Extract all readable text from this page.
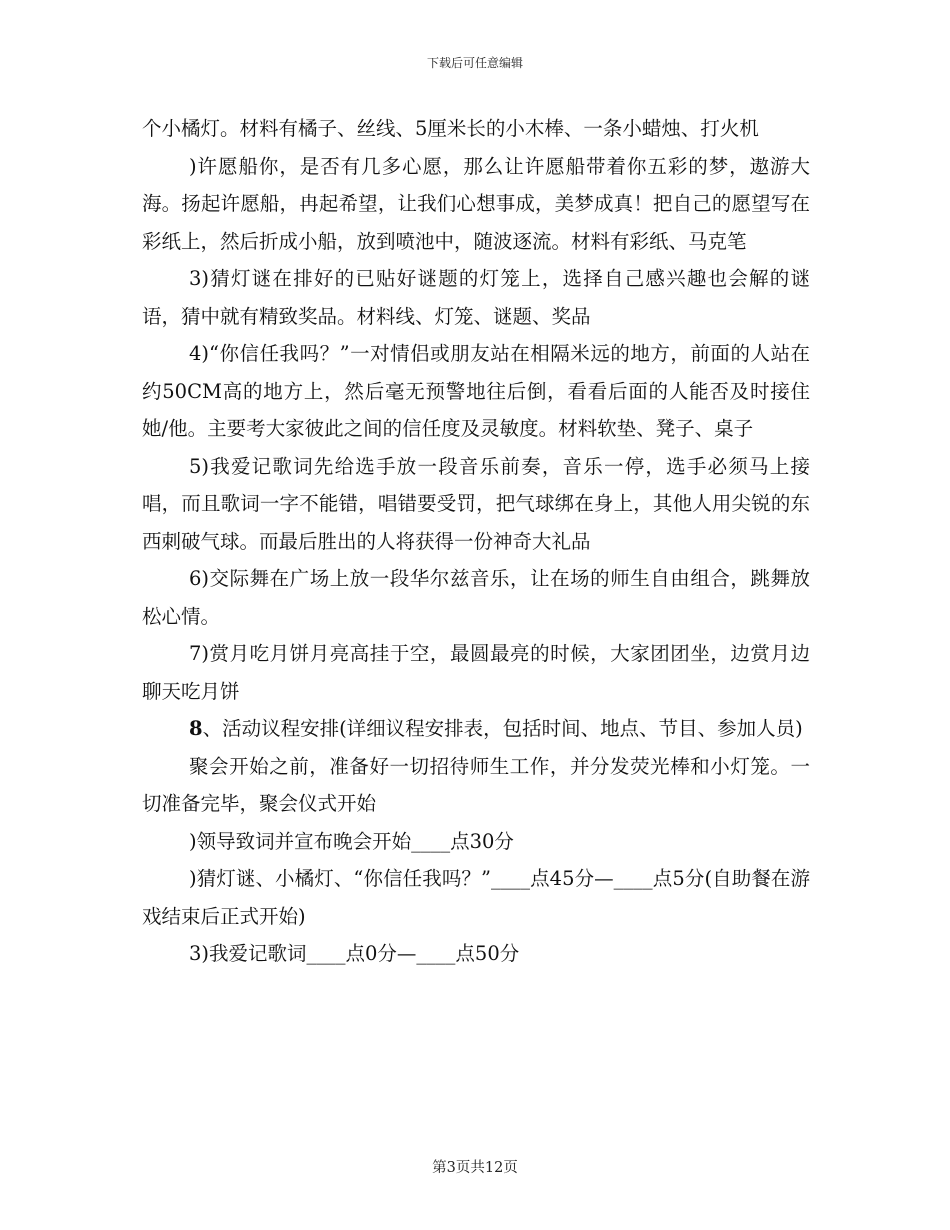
下载后可任意编辑

个小橘灯。材料有橘子、丝线、5厘米长的小木棒、一条小蜡烛、打火机

)许愿船你，是否有几多心愿，那么让许愿船带着你五彩的梦，遨游大海。扬起许愿船，冉起希望，让我们心想事成，美梦成真！把自己的愿望写在彩纸上，然后折成小船，放到喷池中，随波逐流。材料有彩纸、马克笔

3)猜灯谜在排好的已贴好谜题的灯笼上，选择自己感兴趣也会解的谜语，猜中就有精致奖品。材料线、灯笼、谜题、奖品

4)“你信任我吗？”一对情侣或朋友站在相隔米远的地方，前面的人站在约50CM高的地方上，然后毫无预警地往后倒，看看后面的人能否及时接住她/他。主要考大家彼此之间的信任度及灵敏度。材料软垫、凳子、桌子

5)我爱记歌词先给选手放一段音乐前奏，音乐一停，选手必须马上接唱，而且歌词一字不能错，唱错要受罚，把气球绑在身上，其他人用尖锐的东西刺破气球。而最后胜出的人将获得一份神奇大礼品

6)交际舞在广场上放一段华尔兹音乐，让在场的师生自由组合，跳舞放松心情。

7)赏月吃月饼月亮高挂于空，最圆最亮的时候，大家团团坐，边赏月边聊天吃月饼

8、活动议程安排(详细议程安排表，包括时间、地点、节目、参加人员)

聚会开始之前，准备好一切招待师生工作，并分发荧光棒和小灯笼。一切准备完毕，聚会仪式开始

)领导致词并宣布晚会开始____点30分

)猜灯谜、小橘灯、“你信任我吗？”____点45分—____点5分(自助餐在游戏结束后正式开始)

3)我爱记歌词____点0分—____点50分

第3页共12页
